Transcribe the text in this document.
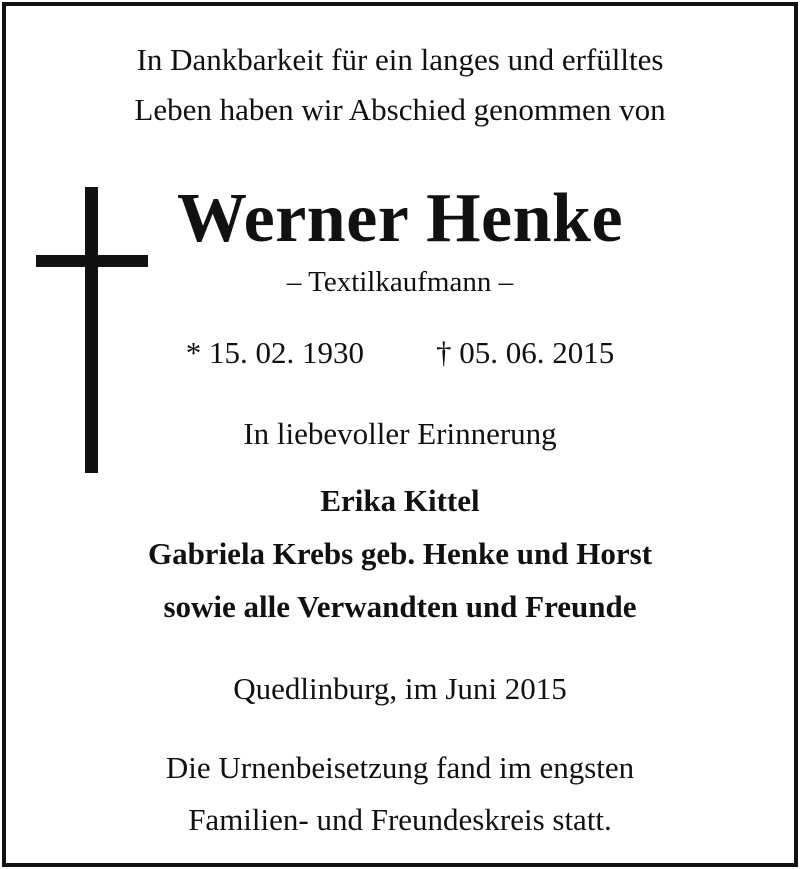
In Dankbarkeit für ein langes und erfülltes
Leben haben wir Abschied genommen von
Werner Henke
– Textilkaufmann –
* 15. 02. 1930 † 05. 06. 2015
In liebevoller Erinnerung
Erika Kittel
Gabriela Krebs geb. Henke und Horst
sowie alle Verwandten und Freunde
Quedlinburg, im Juni 2015
Die Urnenbeisetzung fand im engsten
Familien- und Freundeskreis statt.
